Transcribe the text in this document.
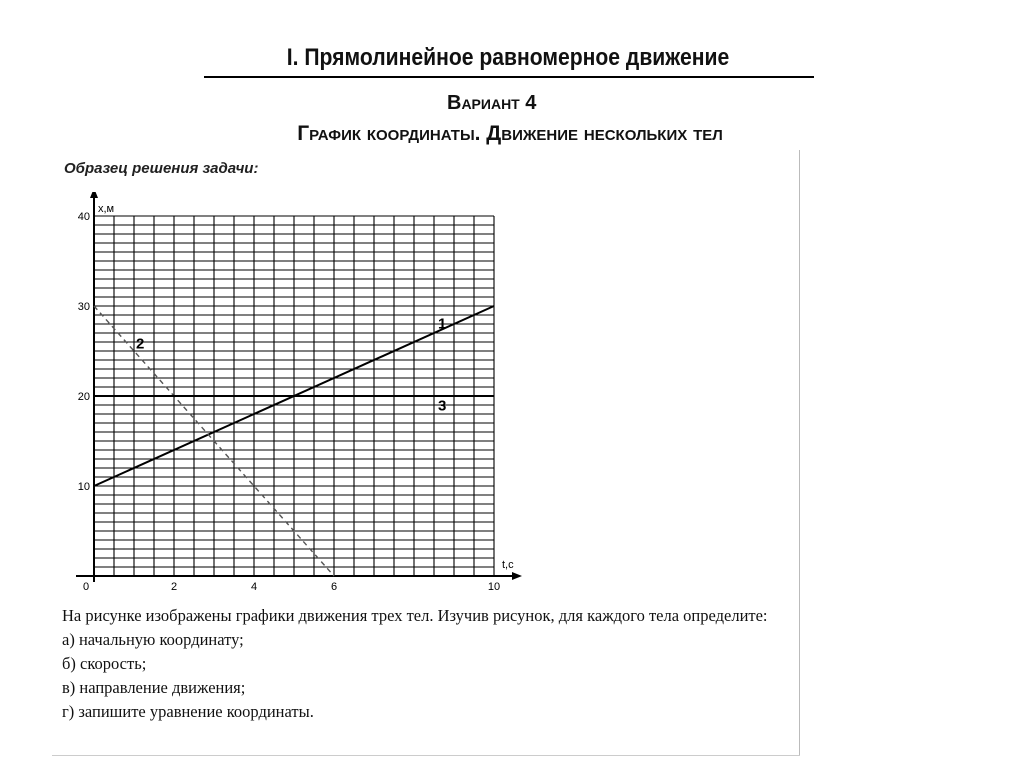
I. Прямолинейное равномерное движение
Вариант 4
График координаты. Движение нескольких тел
Образец решения задачи:
t,c
x,м
0	2	4	6	10
10
20
30
40
1
2
3

На рисунке изображены графики движения трех тел. Изучив рисунок, для каждого тела определите:

а) начальную координату;

б) скорость;

в) направление движения;

г) запишите уравнение координаты.
